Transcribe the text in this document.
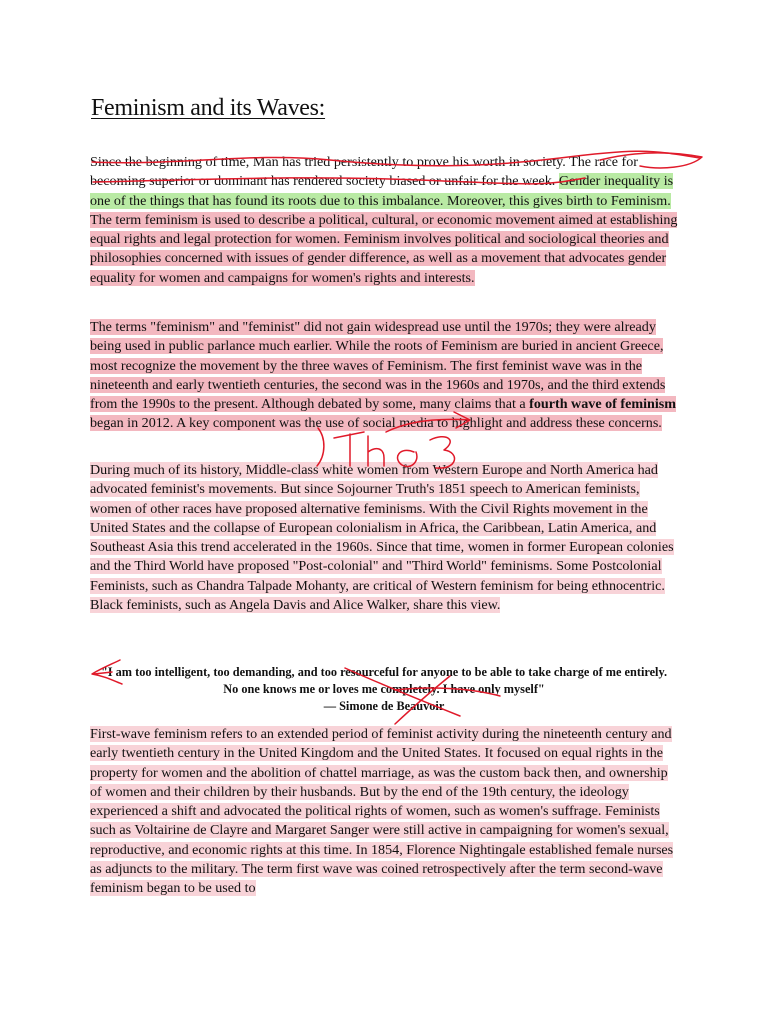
Feminism and its Waves:

Since the beginning of time, Man has tried persistently to prove his worth in society. The race for becoming superior or dominant has rendered society biased or unfair for the week. Gender inequality is one of the things that has found its roots due to this imbalance. Moreover, this gives birth to Feminism. The term feminism is used to describe a political, cultural, or economic movement aimed at establishing equal rights and legal protection for women. Feminism involves political and sociological theories and philosophies concerned with issues of gender difference, as well as a movement that advocates gender equality for women and campaigns for women's rights and interests.

The terms "feminism" and "feminist" did not gain widespread use until the 1970s; they were already being used in public parlance much earlier. While the roots of Feminism are buried in ancient Greece, most recognize the movement by the three waves of Feminism. The first feminist wave was in the nineteenth and early twentieth centuries, the second was in the 1960s and 1970s, and the third extends from the 1990s to the present. Although debated by some, many claims that a fourth wave of feminism began in 2012. A key component was the use of social media to highlight and address these concerns.

During much of its history, Middle-class white women from Western Europe and North America had advocated feminist's movements. But since Sojourner Truth's 1851 speech to American feminists, women of other races have proposed alternative feminisms. With the Civil Rights movement in the United States and the collapse of European colonialism in Africa, the Caribbean, Latin America, and Southeast Asia this trend accelerated in the 1960s. Since that time, women in former European colonies and the Third World have proposed "Post-colonial" and "Third World" feminisms. Some Postcolonial Feminists, such as Chandra Talpade Mohanty, are critical of Western feminism for being ethnocentric. Black feminists, such as Angela Davis and Alice Walker, share this view.

"I am too intelligent, too demanding, and too resourceful for anyone to be able to take charge of me entirely. No one knows me or loves me completely. I have only myself"
— Simone de Beauvoir

First-wave feminism refers to an extended period of feminist activity during the nineteenth century and early twentieth century in the United Kingdom and the United States. It focused on equal rights in the property for women and the abolition of chattel marriage, as was the custom back then, and ownership of women and their children by their husbands. But by the end of the 19th century, the ideology experienced a shift and advocated the political rights of women, such as women's suffrage. Feminists such as Voltairine de Clayre and Margaret Sanger were still active in campaigning for women's sexual, reproductive, and economic rights at this time. In 1854, Florence Nightingale established female nurses as adjuncts to the military. The term first wave was coined retrospectively after the term second-wave feminism began to be used to
